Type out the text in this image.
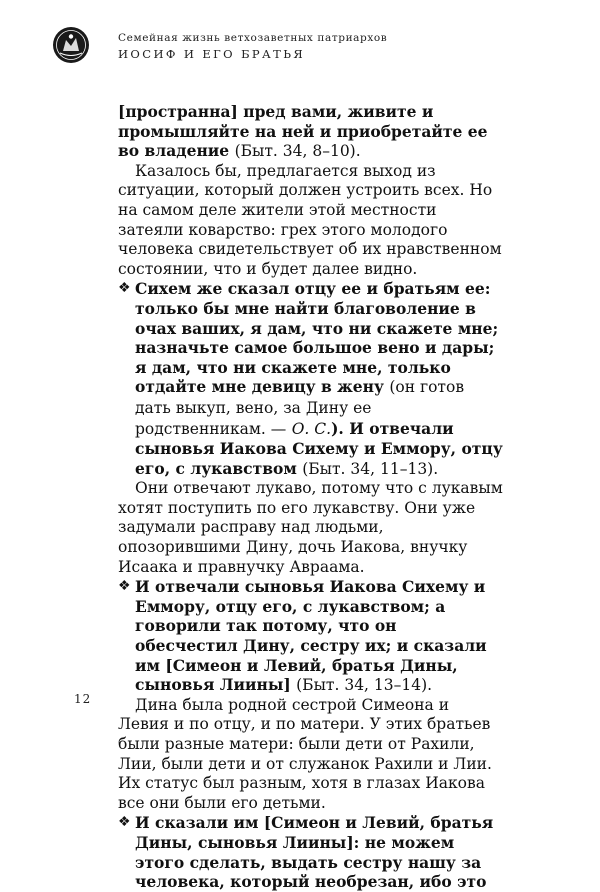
Семейная жизнь ветхозаветных патриархов
ИОСИФ И ЕГО БРАТЬЯ
[пространна] пред вами, живите и промышляйте на ней и приобретайте ее во владение (Быт. 34, 8–10).
Казалось бы, предлагается выход из ситуации, который должен устроить всех. Но на самом деле жители этой местности затеяли коварство: грех этого молодого человека свидетельствует об их нравственном состоянии, что и будет далее видно.
❖
Сихем же сказал отцу ее и братьям ее: только бы мне найти благоволение в очах ваших, я дам, что ни скажете мне; назначьте самое большое вено и дары; я дам, что ни скажете мне, только отдайте мне девицу в жену (он готов дать выкуп, вено, за Дину ее родственникам. — О. С.). И отвечали сыновья Иакова Сихему и Еммору, отцу его, с лукавством (Быт. 34, 11–13).
Они отвечают лукаво, потому что с лукавым хотят поступить по его лукавству. Они уже задумали расправу над людьми, опозорившими Дину, дочь Иакова, внучку Исаака и правнучку Авраама.
❖
И отвечали сыновья Иакова Сихему и Еммору, отцу его, с лукавством; а говорили так потому, что он обесчестил Дину, сестру их; и сказали им [Симеон и Левий, братья Дины, сыновья Лиины] (Быт. 34, 13–14).
Дина была родной сестрой Симеона и Левия и по отцу, и по матери. У этих братьев были разные матери: были дети от Рахили, Лии, были дети и от служанок Рахили и Лии. Их статус был разным, хотя в глазах Иакова все они были его детьми.
❖
И сказали им [Симеон и Левий, братья Дины, сыновья Лиины]: не можем этого сделать, выдать сестру нашу за человека, который необрезан, ибо это
12
